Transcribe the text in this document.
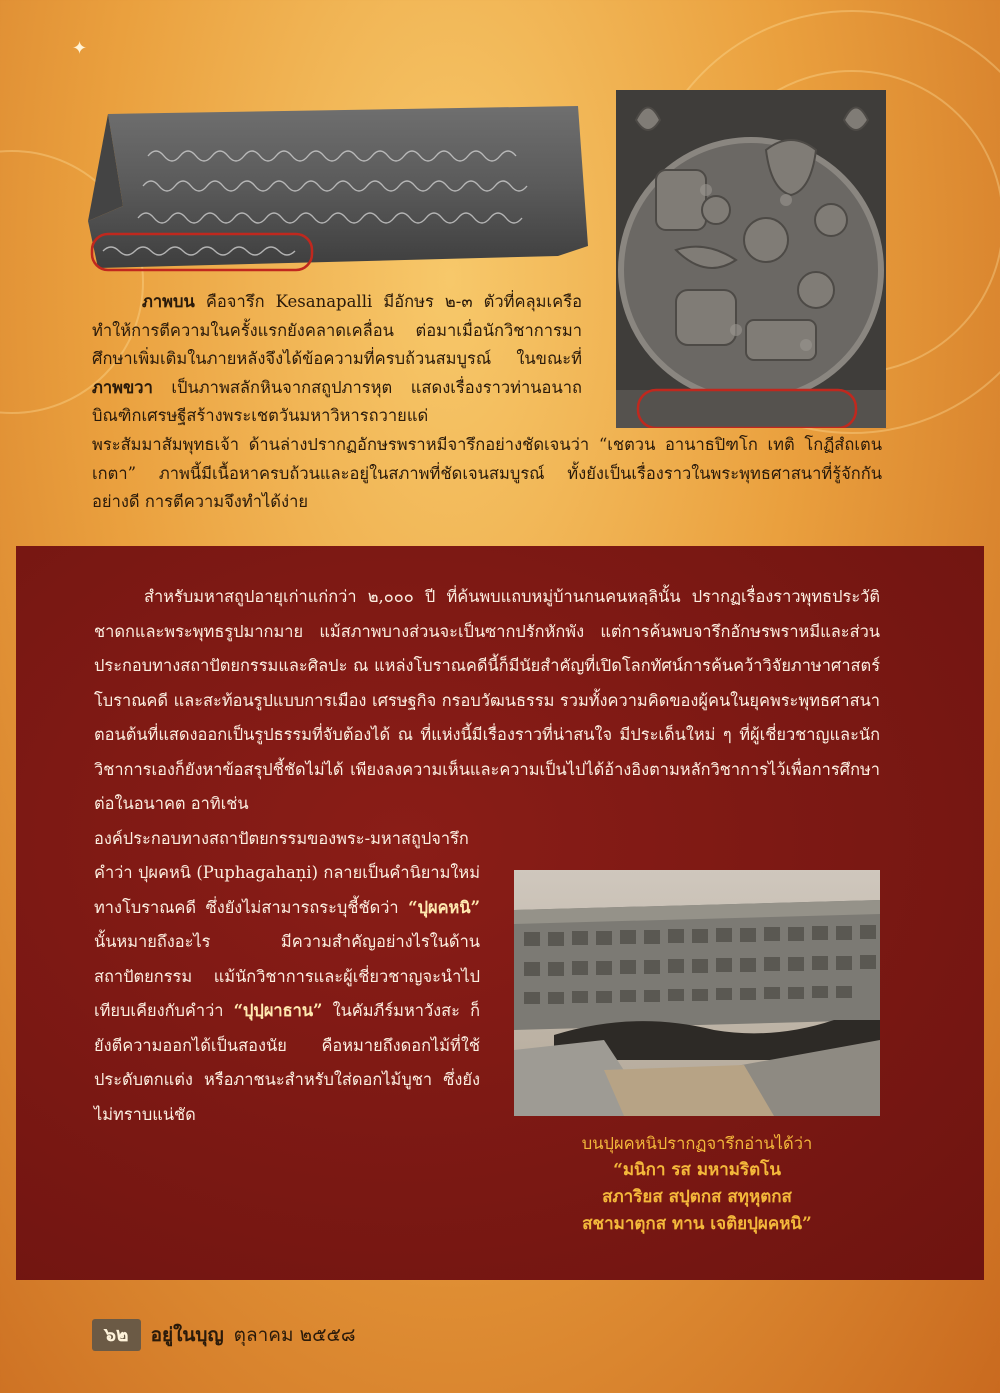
✦

ภาพบน คือจารึก Kesanapalli มีอักษร ๒-๓ ตัวที่คลุมเครือ ทำให้การตีความในครั้งแรกยังคลาดเคลื่อน ต่อมาเมื่อนักวิชาการมาศึกษาเพิ่มเติมในภายหลังจึงได้ข้อความที่ครบถ้วนสมบูรณ์ ในขณะที่ ภาพขวา เป็นภาพสลักหินจากสถูปภารหุต แสดงเรื่องราวท่านอนาถบิณฑิกเศรษฐีสร้างพระเชตวันมหาวิหารถวายแด่

พระสัมมาสัมพุทธเจ้า ด้านล่างปรากฏอักษรพราหมีจารึกอย่างชัดเจนว่า “เชตวน อานาธปิฑโก เทติ โกฏีสํถเตน เกตา” ภาพนี้มีเนื้อหาครบถ้วนและอยู่ในสภาพที่ชัดเจนสมบูรณ์ ทั้งยังเป็นเรื่องราวในพระพุทธศาสนาที่รู้จักกันอย่างดี การตีความจึงทำได้ง่าย

สำหรับมหาสถูปอายุเก่าแก่กว่า ๒,๐๐๐ ปี ที่ค้นพบแถบหมู่บ้านกนคนหลฺลินั้น ปรากฏเรื่องราวพุทธประวัติชาดกและพระพุทธรูปมากมาย แม้สภาพบางส่วนจะเป็นซากปรักหักพัง แต่การค้นพบจารึกอักษรพราหมีและส่วนประกอบทางสถาปัตยกรรมและศิลปะ ณ แหล่งโบราณคดีนี้ก็มีนัยสำคัญที่เปิดโลกทัศน์การค้นคว้าวิจัยภาษาศาสตร์ โบราณคดี และสะท้อนรูปแบบการเมือง เศรษฐกิจ กรอบวัฒนธรรม รวมทั้งความคิดของผู้คนในยุคพระพุทธศาสนาตอนต้นที่แสดงออกเป็นรูปธรรมที่จับต้องได้ ณ ที่แห่งนี้มีเรื่องราวที่น่าสนใจ มีประเด็นใหม่ ๆ ที่ผู้เชี่ยวชาญและนักวิชาการเองก็ยังหาข้อสรุปชี้ชัดไม่ได้ เพียงลงความเห็นและความเป็นไปได้อ้างอิงตามหลักวิชาการไว้เพื่อการศึกษาต่อในอนาคต อาทิเช่น

องค์ประกอบทางสถาปัตยกรรมของพระ-มหาสถูปจารึกคำว่า ปุผคหนิ (Puphagahaṇi) กลายเป็นคำนิยามใหม่ทางโบราณคดี ซึ่งยังไม่สามารถระบุชี้ชัดว่า “ปุผคหนิ” นั้นหมายถึงอะไร มีความสำคัญอย่างไรในด้านสถาปัตยกรรม แม้นักวิชาการและผู้เชี่ยวชาญจะนำไปเทียบเคียงกับคำว่า “ปุปฺผาธาน” ในคัมภีร์มหาวังสะ ก็ยังตีความออกได้เป็นสองนัย คือหมายถึงดอกไม้ที่ใช้ประดับตกแต่ง หรือภาชนะสำหรับใส่ดอกไม้บูชา ซึ่งยังไม่ทราบแน่ชัด

บนปุผคหนิปรากฏจารึกอ่านได้ว่า
“มนิกา รส มหามริตโน
สภาริยส สปุตกส สทุหุตกส
สชามาตุกส ทาน เจติยปุผคหนิ”
๖๒	อยู่ในบุญ ตุลาคม ๒๕๕๘
